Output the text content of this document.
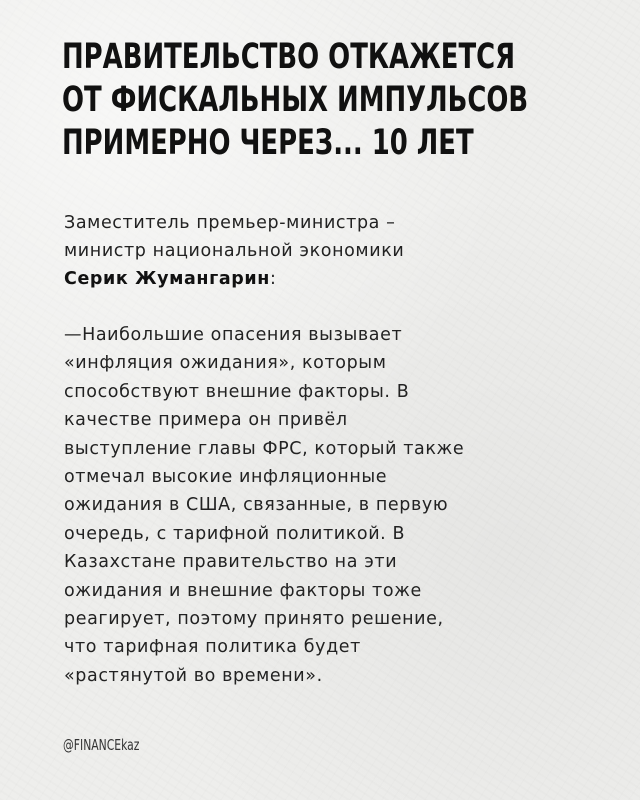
ПРАВИТЕЛЬСТВО ОТКАЖЕТСЯ
ОТ ФИСКАЛЬНЫХ ИМПУЛЬСОВ
ПРИМЕРНО ЧЕРЕЗ... 10 ЛЕТ
Заместитель премьер-министра –
министр национальной экономики
Серик Жумангарин:
—Наибольшие опасения вызывает
«инфляция ожидания», которым
способствуют внешние факторы. В
качестве примера он привёл
выступление главы ФРС, который также
отмечал высокие инфляционные
ожидания в США, связанные, в первую
очередь, с тарифной политикой. В
Казахстане правительство на эти
ожидания и внешние факторы тоже
реагирует, поэтому принято решение,
что тарифная политика будет
«растянутой во времени».
@FINANCEkaz
